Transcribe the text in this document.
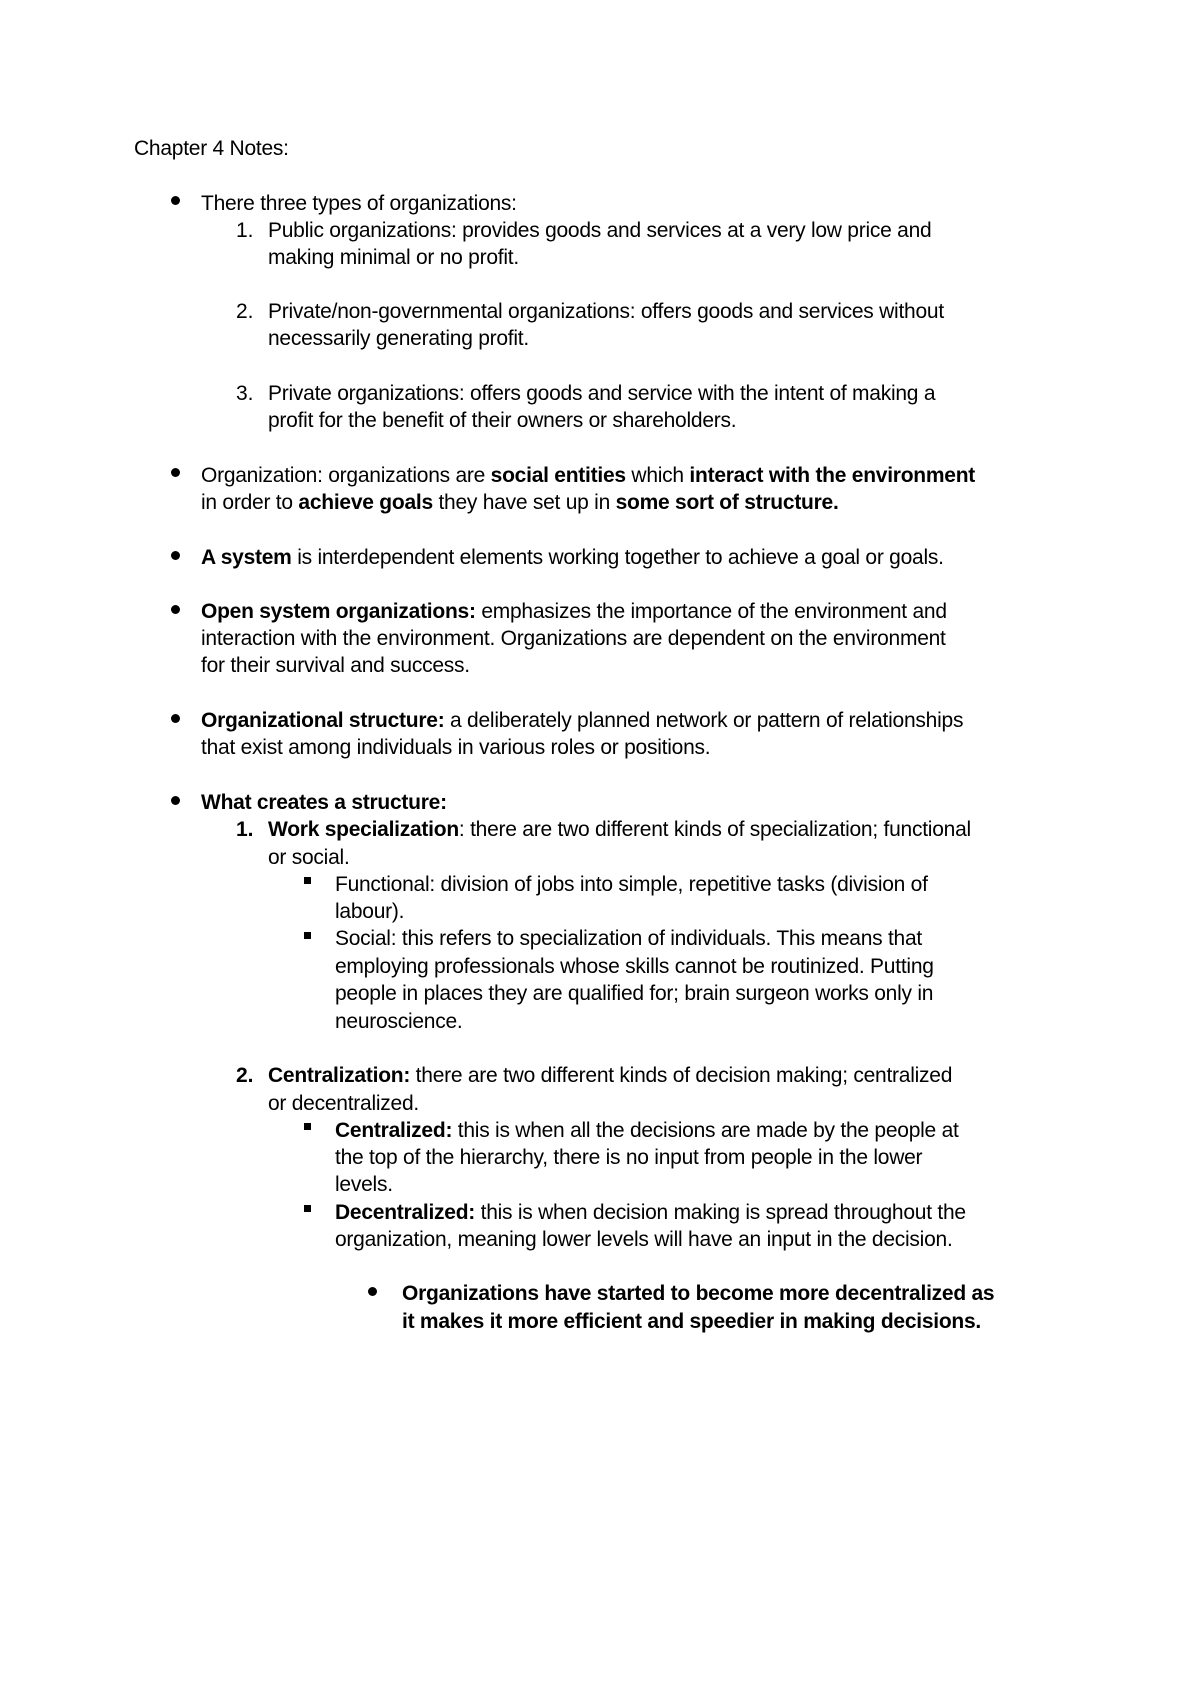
Chapter 4 Notes:
There three types of organizations:
1. Public organizations: provides goods and services at a very low price and
making minimal or no profit.
2. Private/non-governmental organizations: offers goods and services without
necessarily generating profit.
3. Private organizations: offers goods and service with the intent of making a
profit for the benefit of their owners or shareholders.
Organization: organizations are social entities which interact with the environment
in order to achieve goals they have set up in some sort of structure.
A system is interdependent elements working together to achieve a goal or goals.
Open system organizations: emphasizes the importance of the environment and
interaction with the environment. Organizations are dependent on the environment
for their survival and success.
Organizational structure: a deliberately planned network or pattern of relationships
that exist among individuals in various roles or positions.
What creates a structure:
1. Work specialization: there are two different kinds of specialization; functional
or social.
Functional: division of jobs into simple, repetitive tasks (division of
labour).
Social: this refers to specialization of individuals. This means that
employing professionals whose skills cannot be routinized. Putting
people in places they are qualified for; brain surgeon works only in
neuroscience.
2. Centralization: there are two different kinds of decision making; centralized
or decentralized.
Centralized: this is when all the decisions are made by the people at
the top of the hierarchy, there is no input from people in the lower
levels.
Decentralized: this is when decision making is spread throughout the
organization, meaning lower levels will have an input in the decision.
Organizations have started to become more decentralized as
it makes it more efficient and speedier in making decisions.
